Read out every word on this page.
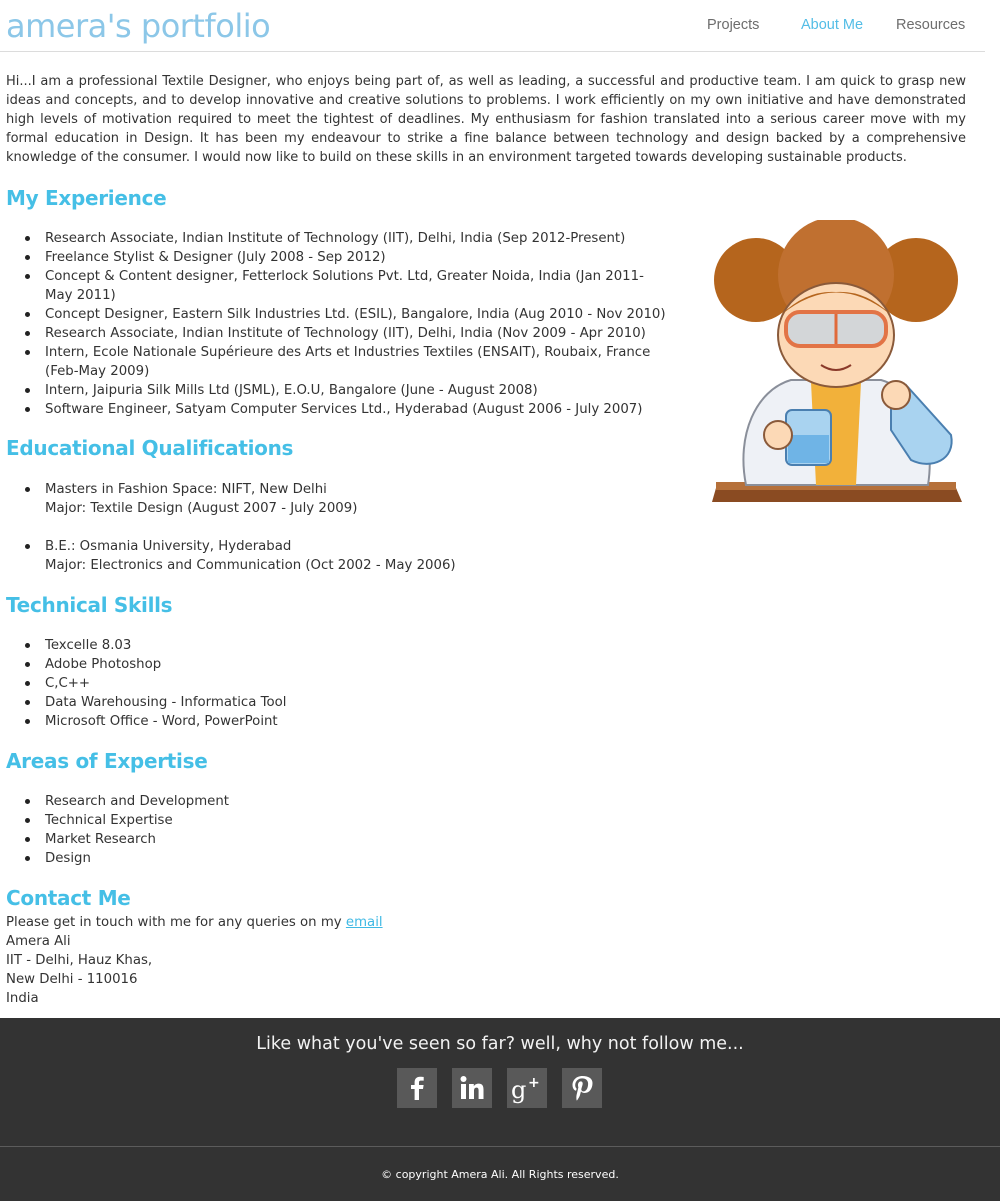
amera's portfolio	Projects	About Me Resources

Hi...I am a professional Textile Designer, who enjoys being part of, as well as leading, a successful and productive team. I am quick to grasp new ideas and concepts, and to develop innovative and creative solutions to problems. I work efficiently on my own initiative and have demonstrated high levels of motivation required to meet the tightest of deadlines. My enthusiasm for fashion translated into a serious career move with my formal education in Design. It has been my endeavour to strike a fine balance between technology and design backed by a comprehensive knowledge of the consumer. I would now like to build on these skills in an environment targeted towards developing sustainable products.

My Experience
Research Associate, Indian Institute of Technology (IIT), Delhi, India (Sep 2012-Present)
Freelance Stylist & Designer (July 2008 - Sep 2012)
Concept & Content designer, Fetterlock Solutions Pvt. Ltd, Greater Noida, India (Jan 2011- May 2011)
Concept Designer, Eastern Silk Industries Ltd. (ESIL), Bangalore, India (Aug 2010 - Nov 2010)
Research Associate, Indian Institute of Technology (IIT), Delhi, India (Nov 2009 - Apr 2010)
Intern, Ecole Nationale Supérieure des Arts et Industries Textiles (ENSAIT), Roubaix, France (Feb-May 2009)
Intern, Jaipuria Silk Mills Ltd (JSML), E.O.U, Bangalore (June - August 2008)
Software Engineer, Satyam Computer Services Ltd., Hyderabad (August 2006 - July 2007)
Educational Qualifications
Masters in Fashion Space: NIFT, New Delhi
Major: Textile Design (August 2007 - July 2009)
B.E.: Osmania University, Hyderabad
Major: Electronics and Communication (Oct 2002 - May 2006)
Technical Skills
Texcelle 8.03
Adobe Photoshop
C,C++
Data Warehousing - Informatica Tool
Microsoft Office - Word, PowerPoint
Areas of Expertise
Research and Development
Technical Expertise
Market Research
Design
Contact Me
Please get in touch with me for any queries on my email
Amera Ali
IIT - Delhi, Hauz Khas,
New Delhi - 110016
India
Like what you've seen so far? well, why not follow me...
g +
© copyright Amera Ali. All Rights reserved.
